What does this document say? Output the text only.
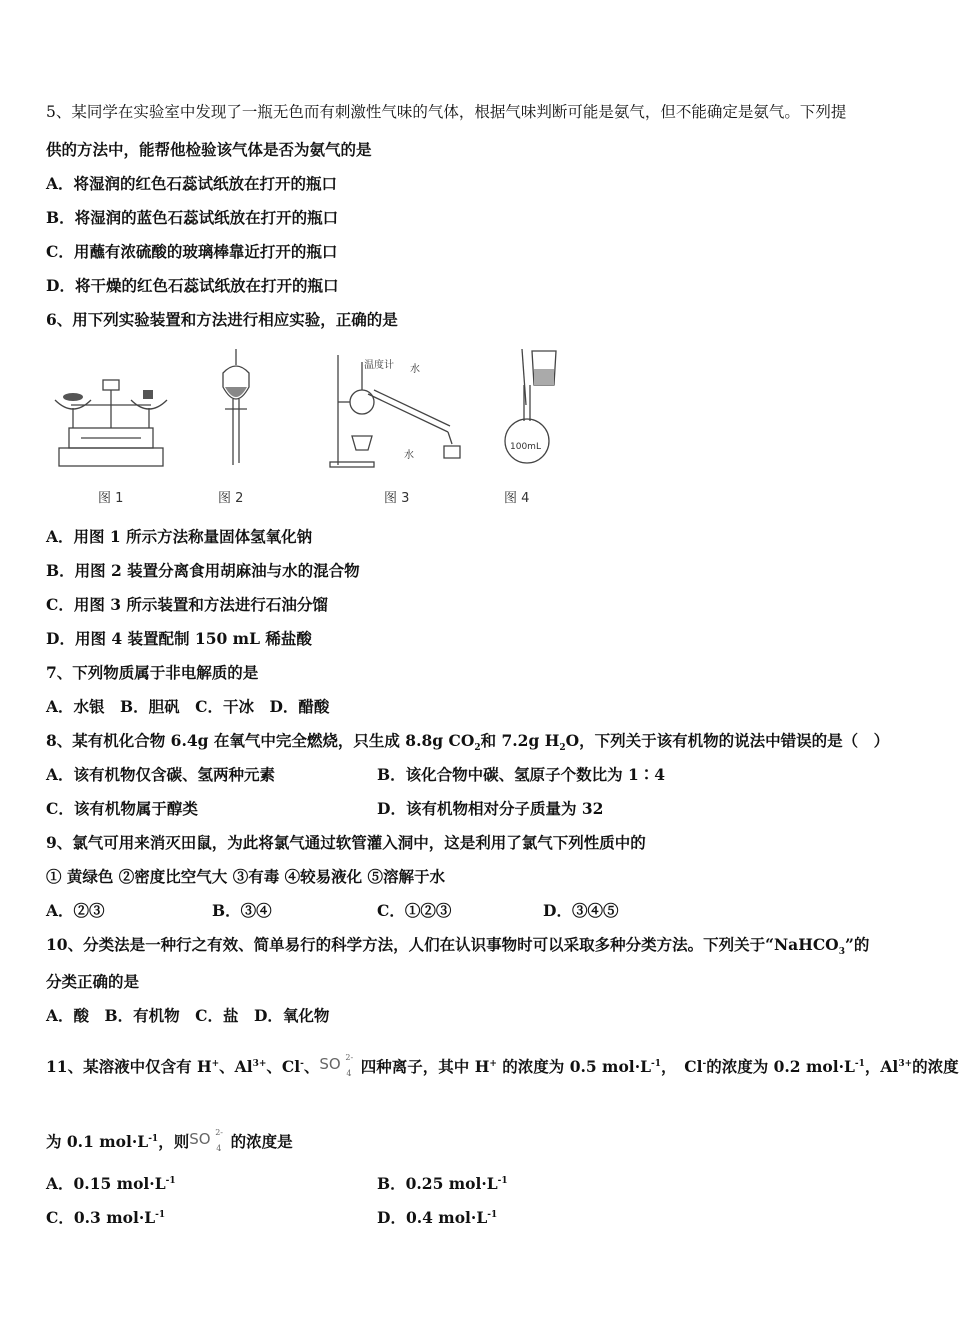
5、某同学在实验室中发现了一瓶无色而有刺激性气味的气体，根据气味判断可能是氨气，但不能确定是氨气。下列提
供的方法中，能帮他检验该气体是否为氨气的是
A．将湿润的红色石蕊试纸放在打开的瓶口
B．将湿润的蓝色石蕊试纸放在打开的瓶口
C．用蘸有浓硫酸的玻璃棒靠近打开的瓶口
D．将干燥的红色石蕊试纸放在打开的瓶口
6、用下列实验装置和方法进行相应实验，正确的是
图 1	图 2
温度计 水
水
图 3
100mL
图 4
A．用图 1 所示方法称量固体氢氧化钠
B．用图 2 装置分离食用胡麻油与水的混合物
C．用图 3 所示装置和方法进行石油分馏
D．用图 4 装置配制 150 mL 稀盐酸
7、下列物质属于非电解质的是
A．水银　B．胆矾　C．干冰　D．醋酸
8、某有机化合物 6.4g 在氧气中完全燃烧，只生成 8.8g $CO_2$和 7.2g $H_2O$，下列关于该有机物的说法中错误的是（　）
A．该有机物仅含碳、氢两种元素	B．该化合物中碳、氢原子个数比为 1∶4
C．该有机物属于醇类	D．该有机物相对分子质量为 32
9、氯气可用来消灭田鼠，为此将氯气通过软管灌入洞中，这是利用了氯气下列性质中的
① 黄绿色 ②密度比空气大 ③有毒 ④较易液化 ⑤溶解于水
A．②③	B．③④	C．①②③	D．③④⑤
10、分类法是一种行之有效、简单易行的科学方法，人们在认识事物时可以采取多种分类方法。下列关于“NaHCO$_3$”的
分类正确的是
A．酸　B．有机物　C．盐　D．氧化物
11、某溶液中仅含有 H+、$Al^{3+}$、Cl-、 SO 2-
4 四种离子，其中 H+ 的浓度为 0.5 $mol\cdot L^{-1}$，　Cl-的浓度为 0.2 $mol\cdot L^{-1}$，$Al^{3+}$的浓度
为 0.1 $mol\cdot L^{-1}$，则 SO 2-
4 的浓度是
A．0.15 $mol\cdot L^{-1}$	B．0.25 $mol\cdot L^{-1}$
C．0.3 $mol\cdot L^{-1}$	D．0.4 $mol\cdot L^{-1}$
